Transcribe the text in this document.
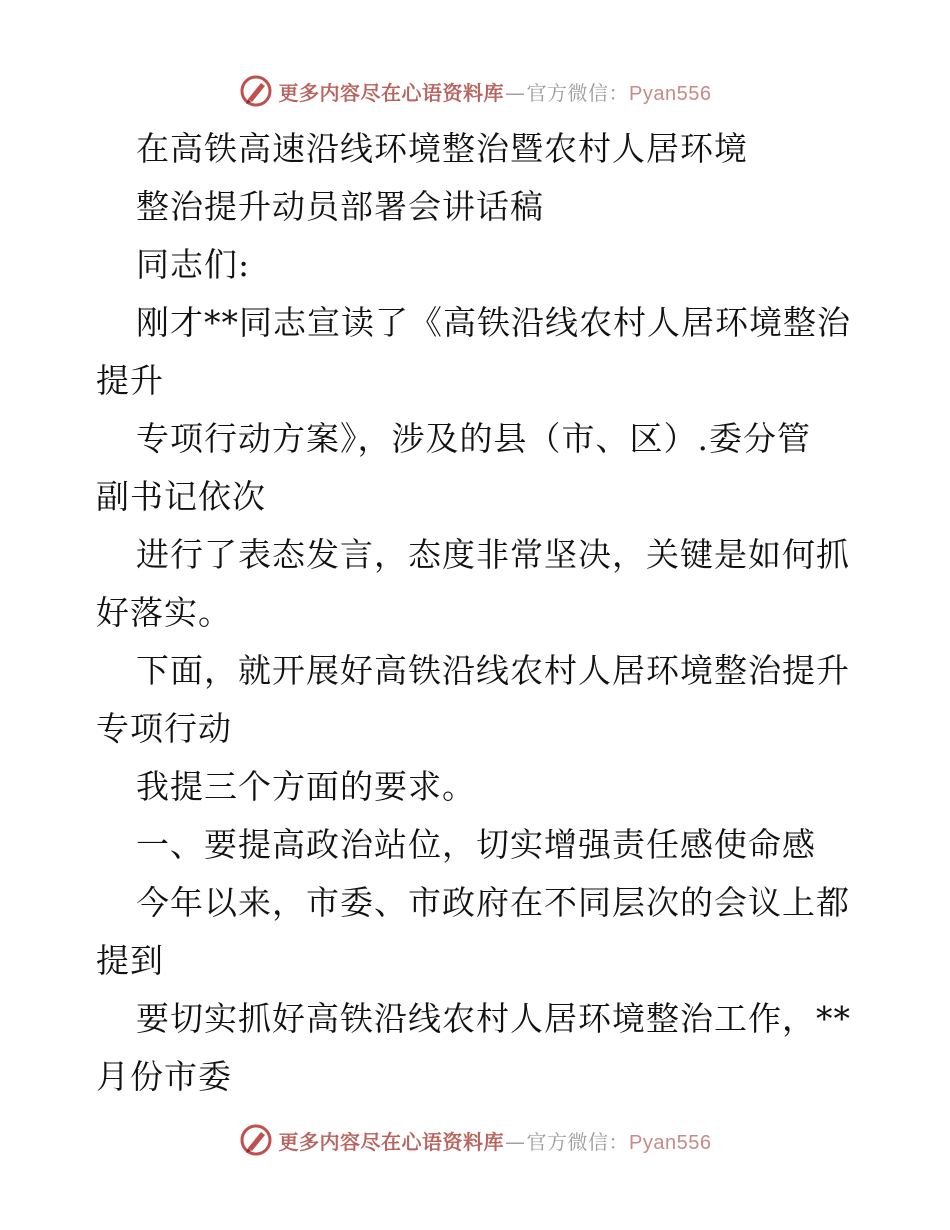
更多内容尽在心语资料库—官方微信：Pyan556
在高铁高速沿线环境整治暨农村人居环境
整治提升动员部署会讲话稿
同志们:
刚才**同志宣读了《高铁沿线农村人居环境整治
提升
专项行动方案》，涉及的县（市、区）.委分管
副书记依次
进行了表态发言，态度非常坚决，关键是如何抓
好落实。
下面，就开展好高铁沿线农村人居环境整治提升
专项行动
我提三个方面的要求。
一、要提高政治站位，切实增强责任感使命感
今年以来，市委、市政府在不同层次的会议上都
提到
要切实抓好高铁沿线农村人居环境整治工作，**
月份市委
更多内容尽在心语资料库—官方微信：Pyan556
